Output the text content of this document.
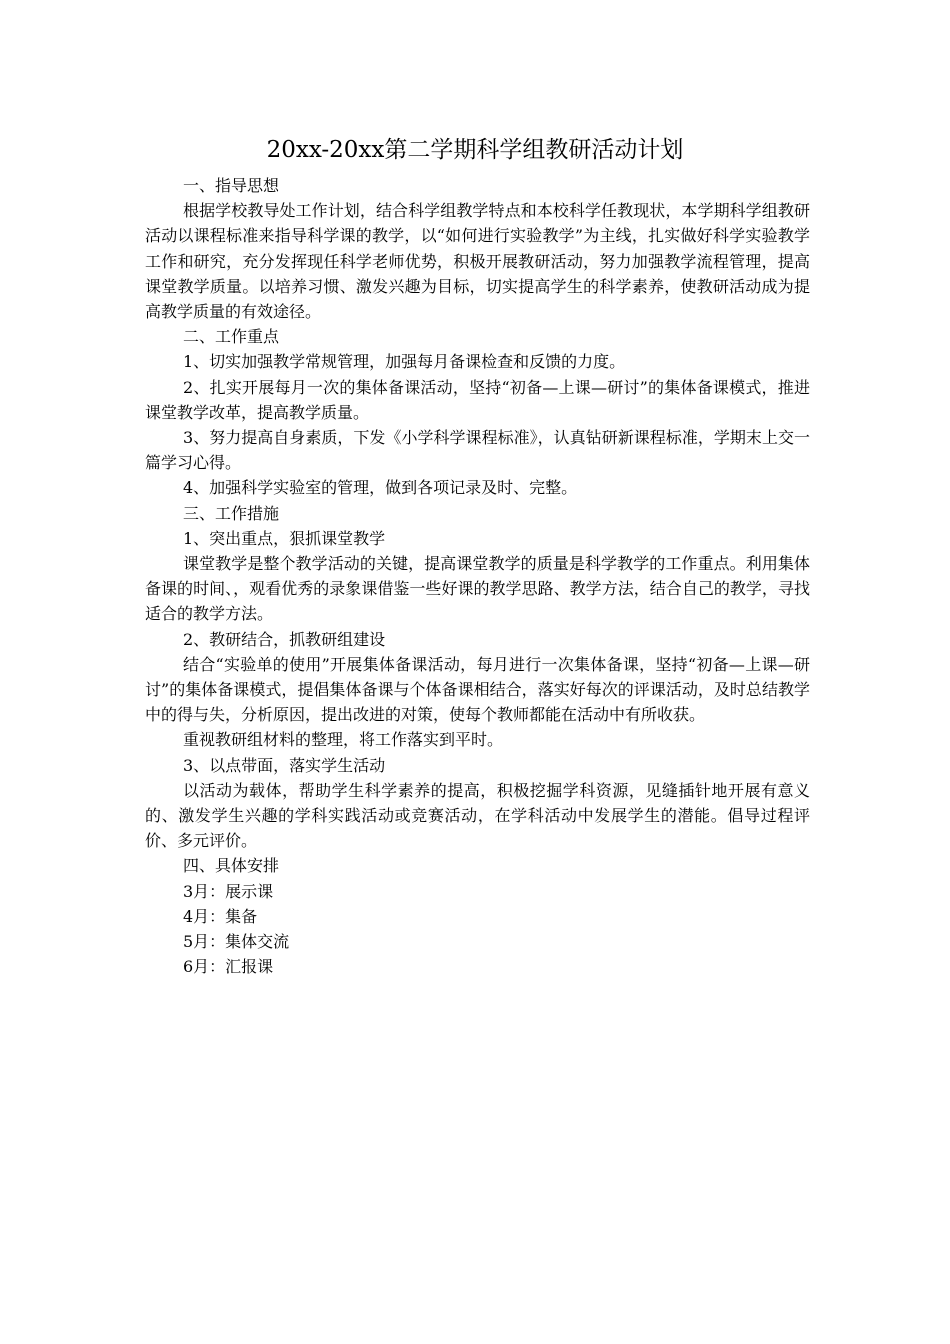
20xx-20xx第二学期科学组教研活动计划

一、指导思想

根据学校教导处工作计划，结合科学组教学特点和本校科学任教现状，本学期科学组教研活动以课程标准来指导科学课的教学，以“如何进行实验教学”为主线，扎实做好科学实验教学工作和研究，充分发挥现任科学老师优势，积极开展教研活动，努力加强教学流程管理，提高课堂教学质量。以培养习惯、激发兴趣为目标，切实提高学生的科学素养，使教研活动成为提高教学质量的有效途径。

二、工作重点

1、切实加强教学常规管理，加强每月备课检查和反馈的力度。

2、扎实开展每月一次的集体备课活动，坚持“初备—上课—研讨”的集体备课模式，推进课堂教学改革，提高教学质量。

3、努力提高自身素质，下发《小学科学课程标准》，认真钻研新课程标准，学期末上交一篇学习心得。

4、加强科学实验室的管理，做到各项记录及时、完整。

三、工作措施

1、突出重点，狠抓课堂教学

课堂教学是整个教学活动的关键，提高课堂教学的质量是科学教学的工作重点。利用集体备课的时间、，观看优秀的录象课借鉴一些好课的教学思路、教学方法，结合自己的教学，寻找适合的教学方法。

2、教研结合，抓教研组建设

结合“实验单的使用”开展集体备课活动，每月进行一次集体备课，坚持“初备—上课—研讨”的集体备课模式，提倡集体备课与个体备课相结合，落实好每次的评课活动，及时总结教学中的得与失，分析原因，提出改进的对策，使每个教师都能在活动中有所收获。

重视教研组材料的整理，将工作落实到平时。

3、以点带面，落实学生活动

以活动为载体，帮助学生科学素养的提高，积极挖掘学科资源，见缝插针地开展有意义的、激发学生兴趣的学科实践活动或竞赛活动，在学科活动中发展学生的潜能。倡导过程评价、多元评价。

四、具体安排

3月：展示课

4月：集备

5月：集体交流

6月：汇报课
